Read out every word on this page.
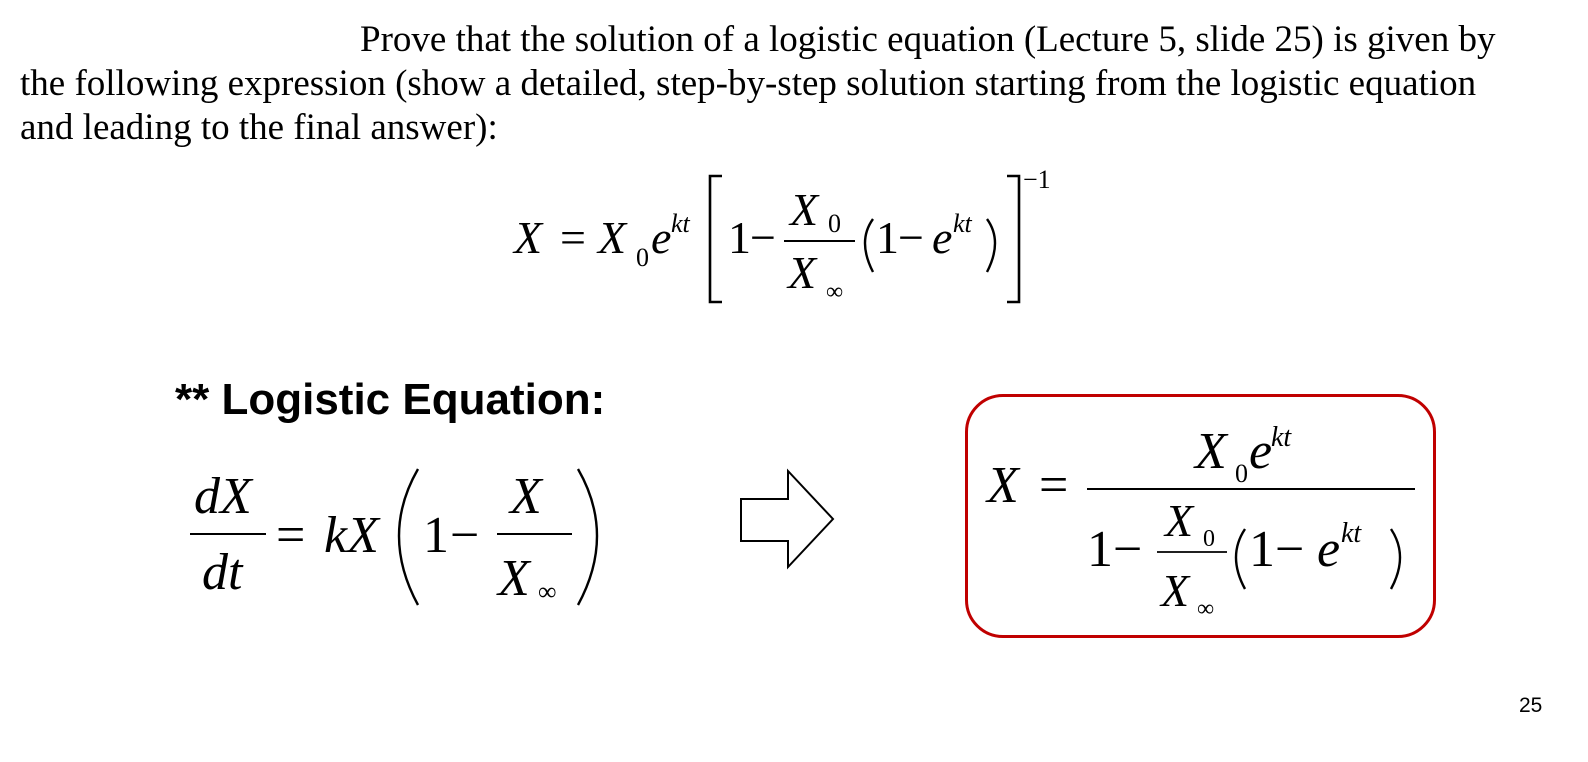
Prove that the solution of a logistic equation (Lecture 5, slide 25) is given by
the following expression (show a detailed, step-by-step solution starting from the logistic equation
and leading to the final answer):
X = X 0 e kt 1 −
X 0
X ∞
1 − e kt
−1
** Logistic Equation:
dX
dt
= kX 1 −
X
X ∞
X =
X 0 e
kt
1 −
X 0
X ∞
1 − e kt
25
